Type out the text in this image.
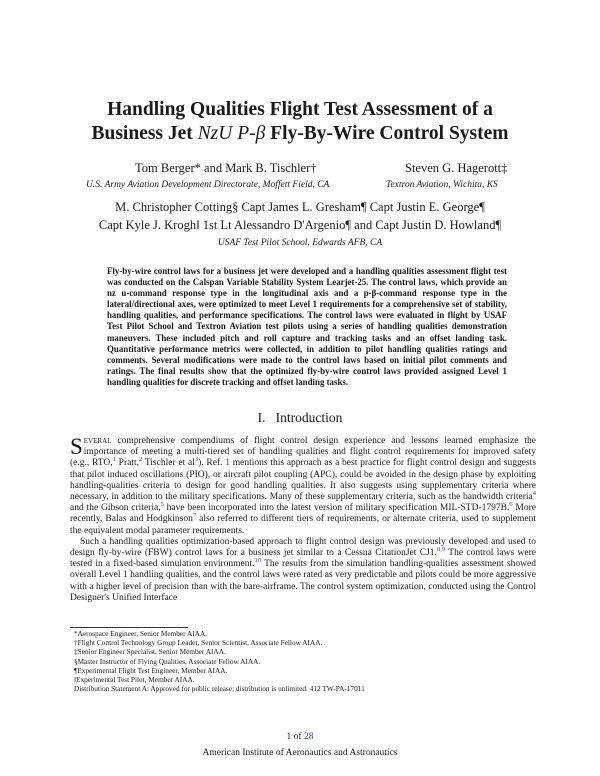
Handling Qualities Flight Test Assessment of a
Business Jet NzU P-β Fly-By-Wire Control System
Tom Berger* and Mark B. Tischler†
U.S. Army Aviation Development Directorate, Moffett Field, CA
Steven G. Hagerott‡
Textron Aviation, Wichita, KS
M. Christopher Cotting§ Capt James L. Gresham¶ Capt Justin E. George¶
Capt Kyle J. Krogh‖ 1st Lt Alessandro D'Argenio¶ and Capt Justin D. Howland¶
USAF Test Pilot School, Edwards AFB, CA
Fly-by-wire control laws for a business jet were developed and a handling qualities assessment flight test was conducted on the Calspan Variable Stability System Learjet-25. The control laws, which provide an nz u-command response type in the longitudinal axis and a p-β-command response type in the lateral/directional axes, were optimized to meet Level 1 requirements for a comprehensive set of stability, handling qualities, and performance specifications. The control laws were evaluated in flight by USAF Test Pilot School and Textron Aviation test pilots using a series of handling qualities demonstration maneuvers. These included pitch and roll capture and tracking tasks and an offset landing task. Quantitative performance metrics were collected, in addition to pilot handling qualities ratings and comments. Several modifications were made to the control laws based on initial pilot comments and ratings. The final results show that the optimized fly-by-wire control laws provided assigned Level 1 handling qualities for discrete tracking and offset landing tasks.
I. Introduction

Several comprehensive compendiums of flight control design experience and lessons learned emphasize the importance of meeting a multi-tiered set of handling qualities and flight control requirements for improved safety (e.g., RTO,$^1$ Pratt,$^2$ Tischler et al$^3$). Ref. 1 mentions this approach as a best practice for flight control design and suggests that pilot induced oscillations (PIO), or aircraft pilot coupling (APC), could be avoided in the design phase by exploiting handling-qualities criteria to design for good handling qualities. It also suggests using supplementary criteria where necessary, in addition to the military specifications. Many of these supplementary criteria, such as the bandwidth criteria$^4$ and the Gibson criteria,$^5$ have been incorporated into the latest version of military specification MIL-STD-1797B.$^6$ More recently, Balas and Hodgkinson$^7$ also referred to different tiers of requirements, or alternate criteria, used to supplement the equivalent modal parameter requirements.

Such a handling qualities optimization-based approach to flight control design was previously developed and used to design fly-by-wire (FBW) control laws for a business jet similar to a Cessna CitationJet CJ1.$^{8,9}$ The control laws were tested in a fixed-based simulation environment.$^{10}$ The results from the simulation handling-qualities assessment showed overall Level 1 handling qualities, and the control laws were rated as very predictable and pilots could be more aggressive with a higher level of precision than with the bare-airframe. The control system optimization, conducted using the Control Designer's Unified Interface

*Aerospace Engineer, Senior Member AIAA.
†Flight Control Technology Group Leader, Senior Scientist, Associate Fellow AIAA.
‡Senior Engineer Specialist, Senior Member AIAA.
§Master Instructor of Flying Qualities, Associate Fellow AIAA.
¶Experimental Flight Test Engineer, Member AIAA.
‖Experimental Test Pilot, Member AIAA.
Distribution Statement A: Approved for public release; distribution is unlimited. 412 TW-PA-17011
1 of 28
American Institute of Aeronautics and Astronautics
